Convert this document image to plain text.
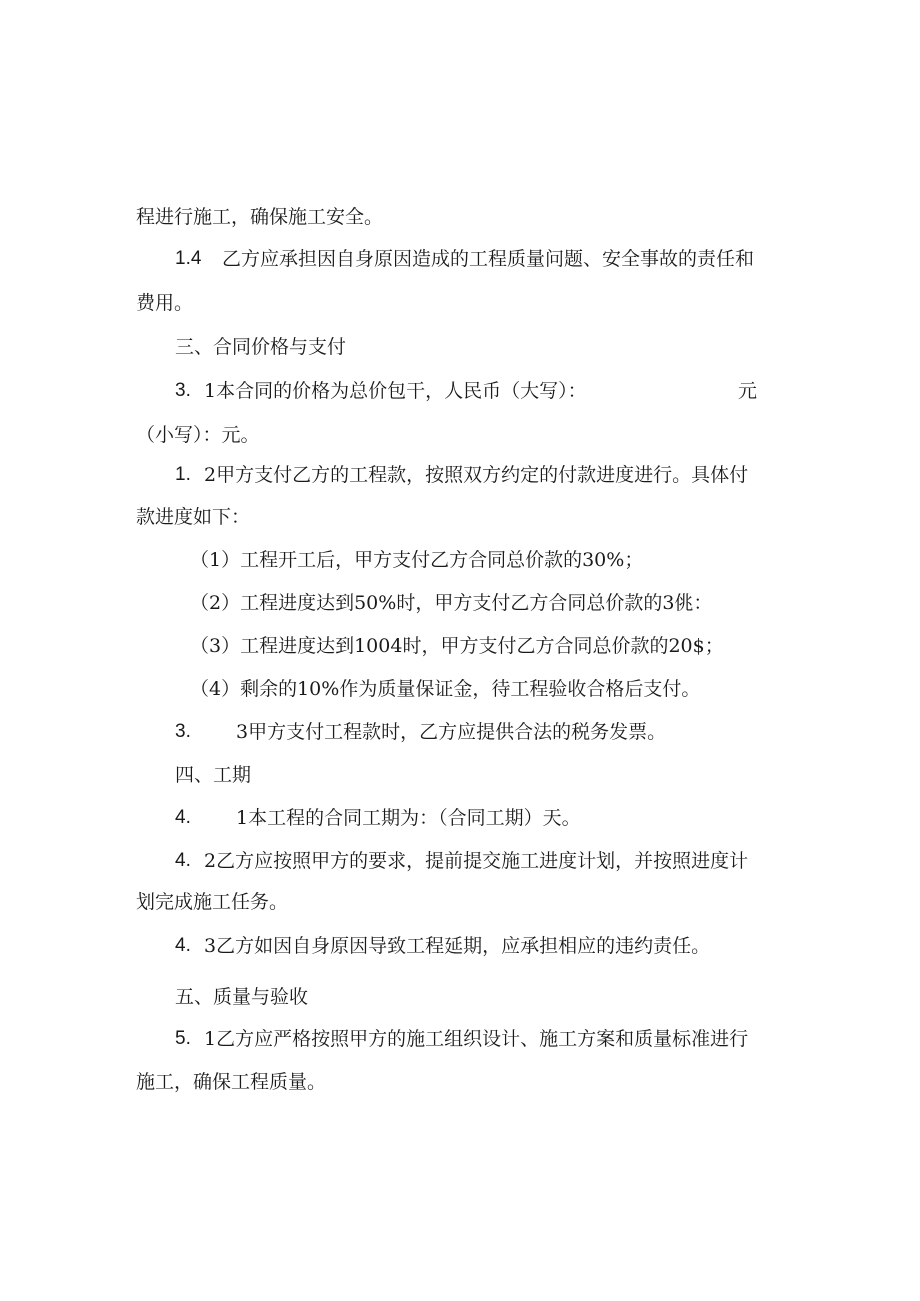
程进行施工，确保施工安全。
1.4 乙方应承担因自身原因造成的工程质量问题、安全事故的责任和
费用。
三、合同价格与支付
3. 1本合同的价格为总价包干，人民币（大写）：	元
（小写）：元。
1. 2甲方支付乙方的工程款，按照双方约定的付款进度进行。具体付
款进度如下：
（1）工程开工后，甲方支付乙方合同总价款的30%；
（2）工程进度达到50%时，甲方支付乙方合同总价款的3佻：
（3）工程进度达到1004时，甲方支付乙方合同总价款的20$；
（4）剩余的10%作为质量保证金，待工程验收合格后支付。
3. 3甲方支付工程款时，乙方应提供合法的税务发票。
四、工期
4. 1本工程的合同工期为：（合同工期）天。
4. 2乙方应按照甲方的要求，提前提交施工进度计划，并按照进度计
划完成施工任务。
4. 3乙方如因自身原因导致工程延期，应承担相应的违约责任。
五、质量与验收
5. 1乙方应严格按照甲方的施工组织设计、施工方案和质量标准进行
施工，确保工程质量。
